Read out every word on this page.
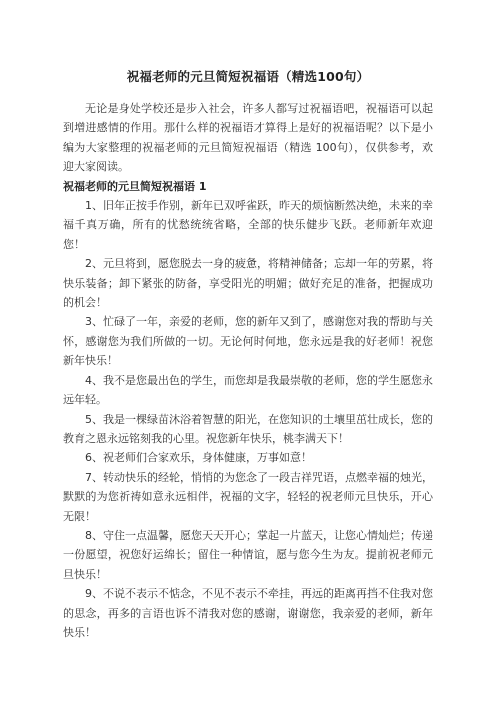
祝福老师的元旦简短祝福语（精选100句）

无论是身处学校还是步入社会，许多人都写过祝福语吧，祝福语可以起到增进感情的作用。那什么样的祝福语才算得上是好的祝福语呢？以下是小编为大家整理的祝福老师的元旦简短祝福语（精选 100句），仅供参考，欢迎大家阅读。

祝福老师的元旦简短祝福语 1

1、旧年正按手作别，新年已双呼雀跃，昨天的烦恼断然决绝，未来的幸福千真万确，所有的忧愁统统省略，全部的快乐健步飞跃。老师新年欢迎您！

2、元旦将到，愿您脱去一身的疲惫，将精神储备；忘却一年的劳累，将快乐装备；卸下紧张的防备，享受阳光的明媚；做好充足的准备，把握成功的机会！

3、忙碌了一年，亲爱的老师，您的新年又到了，感谢您对我的帮助与关怀，感谢您为我们所做的一切。无论何时何地，您永远是我的好老师！祝您新年快乐！

4、我不是您最出色的学生，而您却是我最崇敬的老师，您的学生愿您永远年轻。

5、我是一棵绿苗沐浴着智慧的阳光，在您知识的土壤里茁壮成长，您的教育之恩永远铭刻我的心里。祝您新年快乐，桃李满天下！

6、祝老师们合家欢乐，身体健康，万事如意！

7、转动快乐的经轮，悄悄的为您念了一段吉祥咒语，点燃幸福的烛光，默默的为您祈祷如意永远相伴，祝福的文字，轻轻的祝老师元旦快乐，开心无限！

8、守住一点温馨，愿您天天开心；掌起一片蓝天，让您心情灿烂；传递一份愿望，祝您好运绵长；留住一种情谊，愿与您今生为友。提前祝老师元旦快乐！

9、不说不表示不惦念，不见不表示不牵挂，再远的距离再挡不住我对您的思念，再多的言语也诉不清我对您的感谢，谢谢您，我亲爱的老师，新年快乐！
